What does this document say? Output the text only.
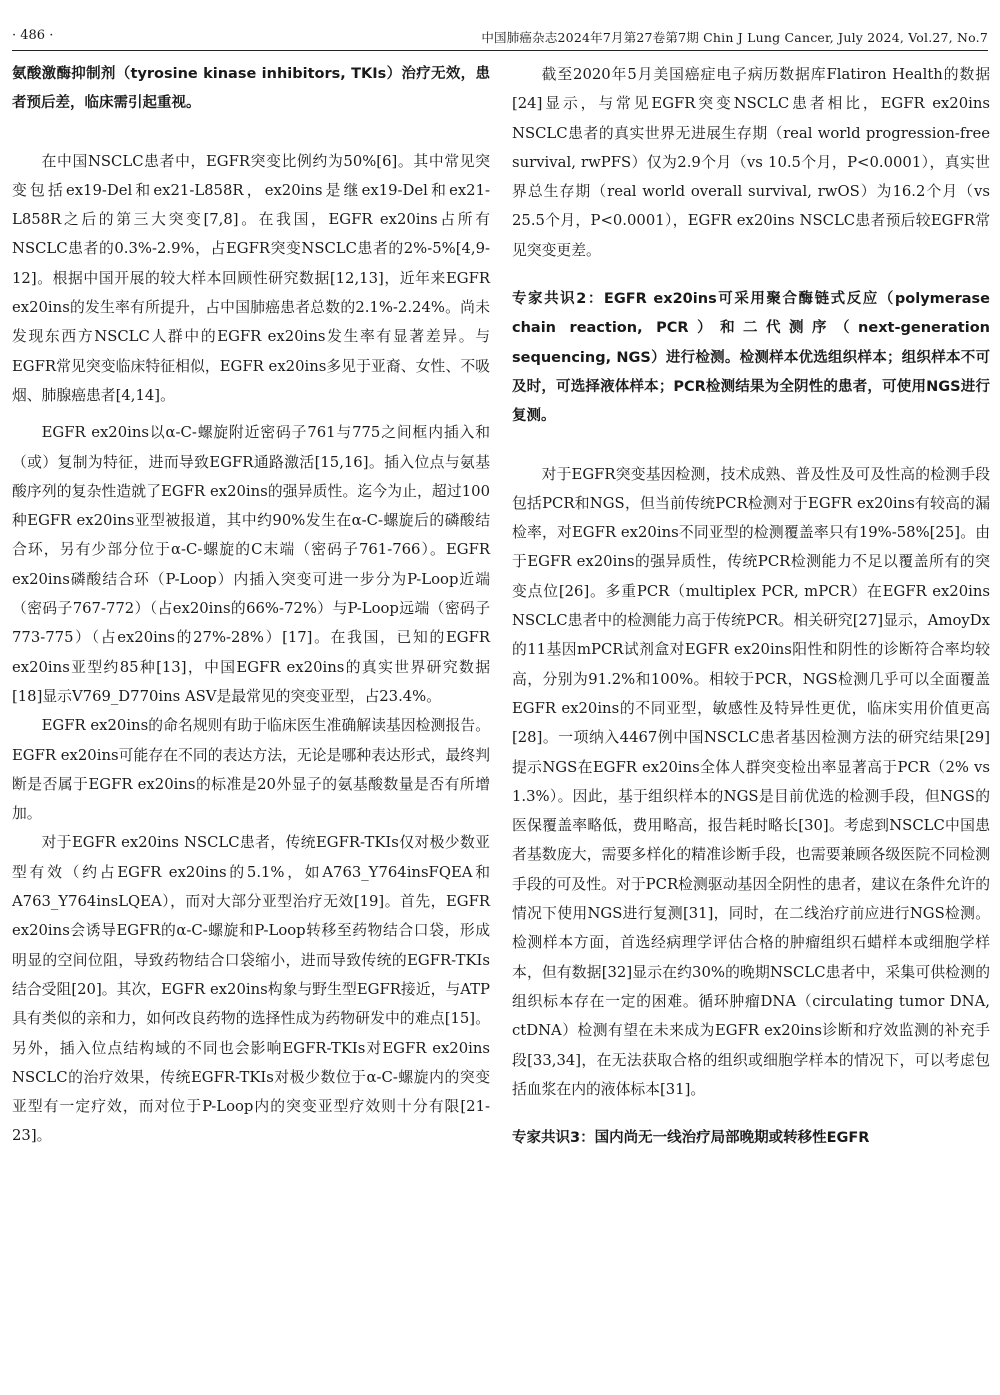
· 486 ·	中国肺癌杂志2024年7月第27卷第7期 Chin J Lung Cancer, July 2024, Vol.27, No.7

氨酸激酶抑制剂（tyrosine kinase inhibitors, TKIs）治疗无效，患者预后差，临床需引起重视。

在中国NSCLC患者中，EGFR突变比例约为50%[6]。其中常见突变包括ex19-Del和ex21-L858R，ex20ins是继ex19-Del和ex21-L858R之后的第三大突变[7,8]。在我国，EGFR ex20ins占所有NSCLC患者的0.3%-2.9%，占EGFR突变NSCLC患者的2%-5%[4,9-12]。根据中国开展的较大样本回顾性研究数据[12,13]，近年来EGFR ex20ins的发生率有所提升，占中国肺癌患者总数的2.1%-2.24%。尚未发现东西方NSCLC人群中的EGFR ex20ins发生率有显著差异。与EGFR常见突变临床特征相似，EGFR ex20ins多见于亚裔、女性、不吸烟、肺腺癌患者[4,14]。

EGFR ex20ins以α-C-螺旋附近密码子761与775之间框内插入和（或）复制为特征，进而导致EGFR通路激活[15,16]。插入位点与氨基酸序列的复杂性造就了EGFR ex20ins的强异质性。迄今为止，超过100种EGFR ex20ins亚型被报道，其中约90%发生在α-C-螺旋后的磷酸结合环，另有少部分位于α-C-螺旋的C末端（密码子761-766）。EGFR ex20ins磷酸结合环（P-Loop）内插入突变可进一步分为P-Loop近端（密码子767-772）（占ex20ins的66%-72%）与P-Loop远端（密码子773-775）（占ex20ins的27%-28%）[17]。在我国，已知的EGFR ex20ins亚型约85种[13]，中国EGFR ex20ins的真实世界研究数据[18]显示V769_D770ins ASV是最常见的突变亚型，占23.4%。

EGFR ex20ins的命名规则有助于临床医生准确解读基因检测报告。EGFR ex20ins可能存在不同的表达方法，无论是哪种表达形式，最终判断是否属于EGFR ex20ins的标准是20外显子的氨基酸数量是否有所增加。

对于EGFR ex20ins NSCLC患者，传统EGFR-TKIs仅对极少数亚型有效（约占EGFR ex20ins的5.1%，如A763_Y764insFQEA和A763_Y764insLQEA），而对大部分亚型治疗无效[19]。首先，EGFR ex20ins会诱导EGFR的α-C-螺旋和P-Loop转移至药物结合口袋，形成明显的空间位阻，导致药物结合口袋缩小，进而导致传统的EGFR-TKIs结合受阻[20]。其次，EGFR ex20ins构象与野生型EGFR接近，与ATP具有类似的亲和力，如何改良药物的选择性成为药物研发中的难点[15]。另外，插入位点结构域的不同也会影响EGFR-TKIs对EGFR ex20ins NSCLC的治疗效果，传统EGFR-TKIs对极少数位于α-C-螺旋内的突变亚型有一定疗效，而对位于P-Loop内的突变亚型疗效则十分有限[21-23]。

截至2020年5月美国癌症电子病历数据库Flatiron Health的数据[24]显示，与常见EGFR突变NSCLC患者相比，EGFR ex20ins NSCLC患者的真实世界无进展生存期（real world progression-free survival, rwPFS）仅为2.9个月（vs 10.5个月，P<0.0001），真实世界总生存期（real world overall survival, rwOS）为16.2个月（vs 25.5个月，P<0.0001），EGFR ex20ins NSCLC患者预后较EGFR常见突变更差。

专家共识2：EGFR ex20ins可采用聚合酶链式反应（polymerase chain reaction, PCR）和二代测序（next-generation sequencing, NGS）进行检测。检测样本优选组织样本；组织样本不可及时，可选择液体样本；PCR检测结果为全阴性的患者，可使用NGS进行复测。

对于EGFR突变基因检测，技术成熟、普及性及可及性高的检测手段包括PCR和NGS，但当前传统PCR检测对于EGFR ex20ins有较高的漏检率，对EGFR ex20ins不同亚型的检测覆盖率只有19%-58%[25]。由于EGFR ex20ins的强异质性，传统PCR检测能力不足以覆盖所有的突变点位[26]。多重PCR（multiplex PCR, mPCR）在EGFR ex20ins NSCLC患者中的检测能力高于传统PCR。相关研究[27]显示，AmoyDx的11基因mPCR试剂盒对EGFR ex20ins阳性和阴性的诊断符合率均较高，分别为91.2%和100%。相较于PCR，NGS检测几乎可以全面覆盖EGFR ex20ins的不同亚型，敏感性及特异性更优，临床实用价值更高[28]。一项纳入4467例中国NSCLC患者基因检测方法的研究结果[29]提示NGS在EGFR ex20ins全体人群突变检出率显著高于PCR（2% vs 1.3%）。因此，基于组织样本的NGS是目前优选的检测手段，但NGS的医保覆盖率略低，费用略高，报告耗时略长[30]。考虑到NSCLC中国患者基数庞大，需要多样化的精准诊断手段，也需要兼顾各级医院不同检测手段的可及性。对于PCR检测驱动基因全阴性的患者，建议在条件允许的情况下使用NGS进行复测[31]，同时，在二线治疗前应进行NGS检测。检测样本方面，首选经病理学评估合格的肿瘤组织石蜡样本或细胞学样本，但有数据[32]显示在约30%的晚期NSCLC患者中，采集可供检测的组织标本存在一定的困难。循环肿瘤DNA（circulating tumor DNA, ctDNA）检测有望在未来成为EGFR ex20ins诊断和疗效监测的补充手段[33,34]，在无法获取合格的组织或细胞学样本的情况下，可以考虑包括血浆在内的液体标本[31]。

专家共识3：国内尚无一线治疗局部晚期或转移性EGFR
